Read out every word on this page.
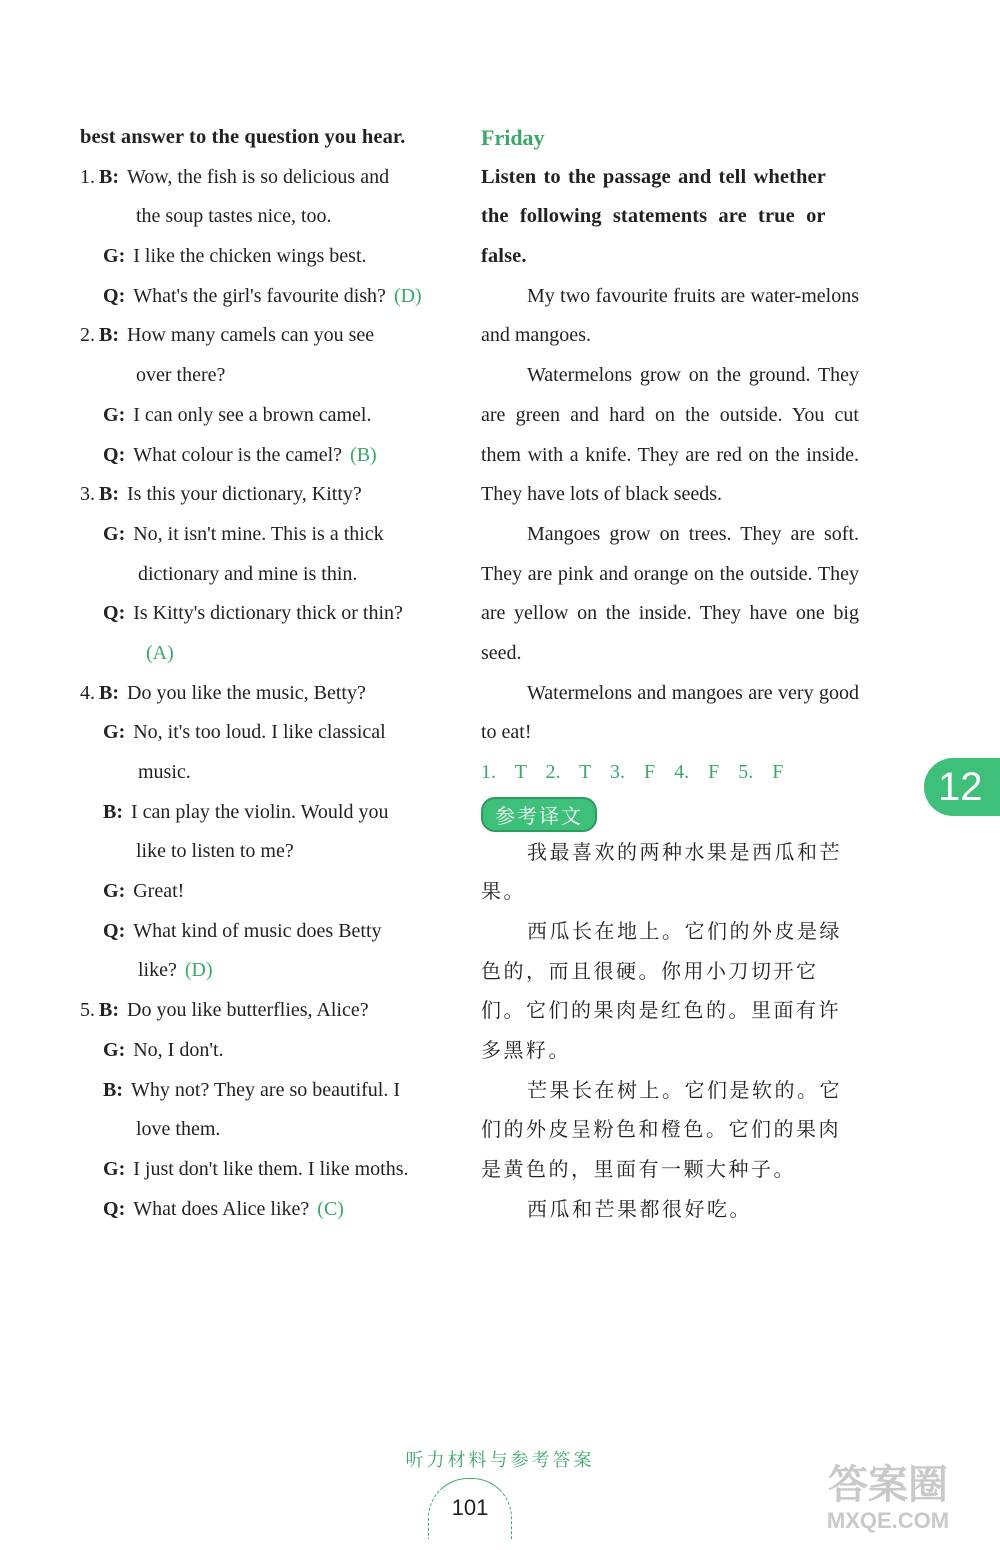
best answer to the question you hear.
1. B: Wow, the fish is so delicious and
the soup tastes nice, too.
G: I like the chicken wings best.
Q: What's the girl's favourite dish? (D)
2. B: How many camels can you see
over there?
G: I can only see a brown camel.
Q: What colour is the camel? (B)
3. B: Is this your dictionary, Kitty?
G: No, it isn't mine. This is a thick
dictionary and mine is thin.
Q: Is Kitty's dictionary thick or thin?
(A)
4. B: Do you like the music, Betty?
G: No, it's too loud. I like classical
music.
B: I can play the violin. Would you
like to listen to me?
G: Great!
Q: What kind of music does Betty
like? (D)
5. B: Do you like butterflies, Alice?
G: No, I don't.
B: Why not? They are so beautiful. I
love them.
G: I just don't like them. I like moths.
Q: What does Alice like? (C)
Friday
Listen to the passage and tell whether
the following statements are true or
false.

My two favourite fruits are water-melons and mangoes.

Watermelons grow on the ground. They are green and hard on the outside. You cut them with a knife. They are red on the inside. They have lots of black seeds.

Mangoes grow on trees. They are soft. They are pink and orange on the outside. They are yellow on the inside. They have one big seed.

Watermelons and mangoes are very good to eat!

1. T 2. T 3. F 4. F 5. F
参考译文

我最喜欢的两种水果是西瓜和芒果。

西瓜长在地上。它们的外皮是绿色的，而且很硬。你用小刀切开它们。它们的果肉是红色的。里面有许多黑籽。

芒果长在树上。它们是软的。它们的外皮呈粉色和橙色。它们的果肉是黄色的，里面有一颗大种子。

西瓜和芒果都很好吃。

12
听力材料与参考答案
101
答案圈
MXQE.COM
